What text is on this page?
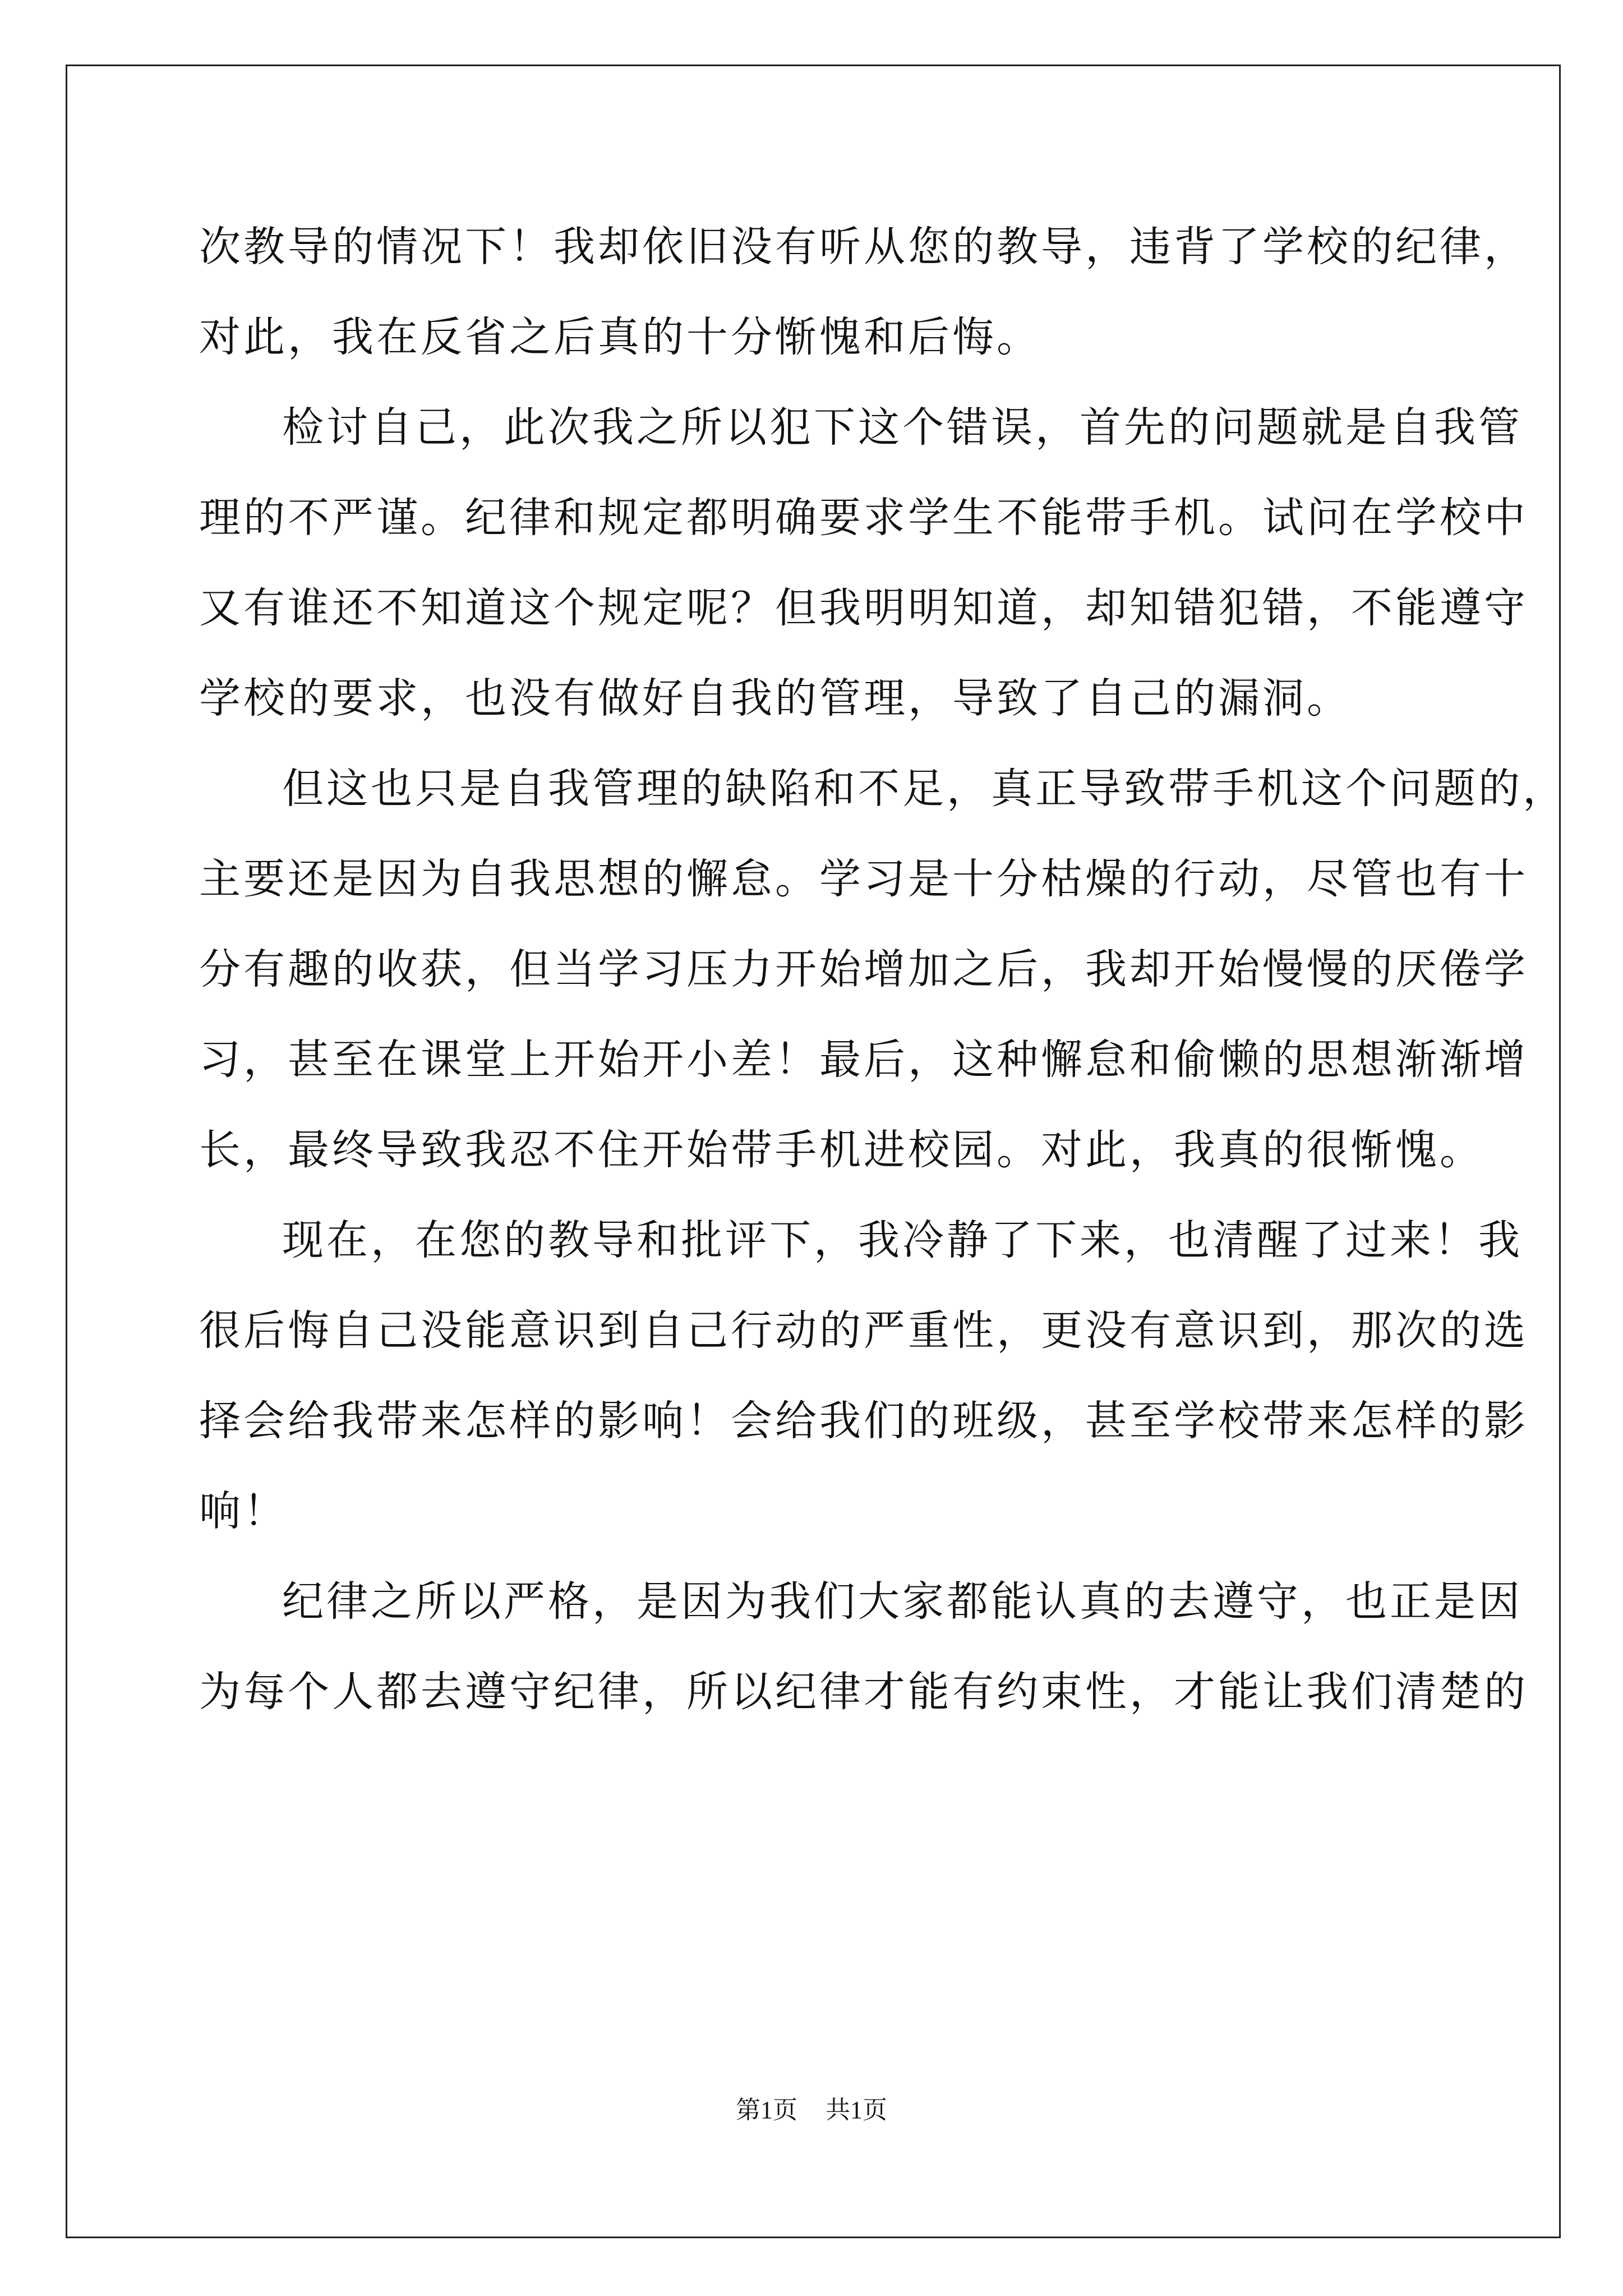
次教导的情况下！我却依旧没有听从您的教导，违背了学校的纪律，
对此，我在反省之后真的十分惭愧和后悔。
检讨自己，此次我之所以犯下这个错误，首先的问题就是自我管
理的不严谨。纪律和规定都明确要求学生不能带手机。试问在学校中
又有谁还不知道这个规定呢？但我明明知道，却知错犯错，不能遵守
学校的要求，也没有做好自我的管理，导致了自己的漏洞。
但这也只是自我管理的缺陷和不足，真正导致带手机这个问题的，
主要还是因为自我思想的懈怠。学习是十分枯燥的行动，尽管也有十
分有趣的收获，但当学习压力开始增加之后，我却开始慢慢的厌倦学
习，甚至在课堂上开始开小差！最后，这种懈怠和偷懒的思想渐渐增
长，最终导致我忍不住开始带手机进校园。对此，我真的很惭愧。
现在，在您的教导和批评下，我冷静了下来，也清醒了过来！我
很后悔自己没能意识到自己行动的严重性，更没有意识到，那次的选
择会给我带来怎样的影响！会给我们的班级，甚至学校带来怎样的影
响！
纪律之所以严格，是因为我们大家都能认真的去遵守，也正是因
为每个人都去遵守纪律，所以纪律才能有约束性，才能让我们清楚的
第1页 共1页
